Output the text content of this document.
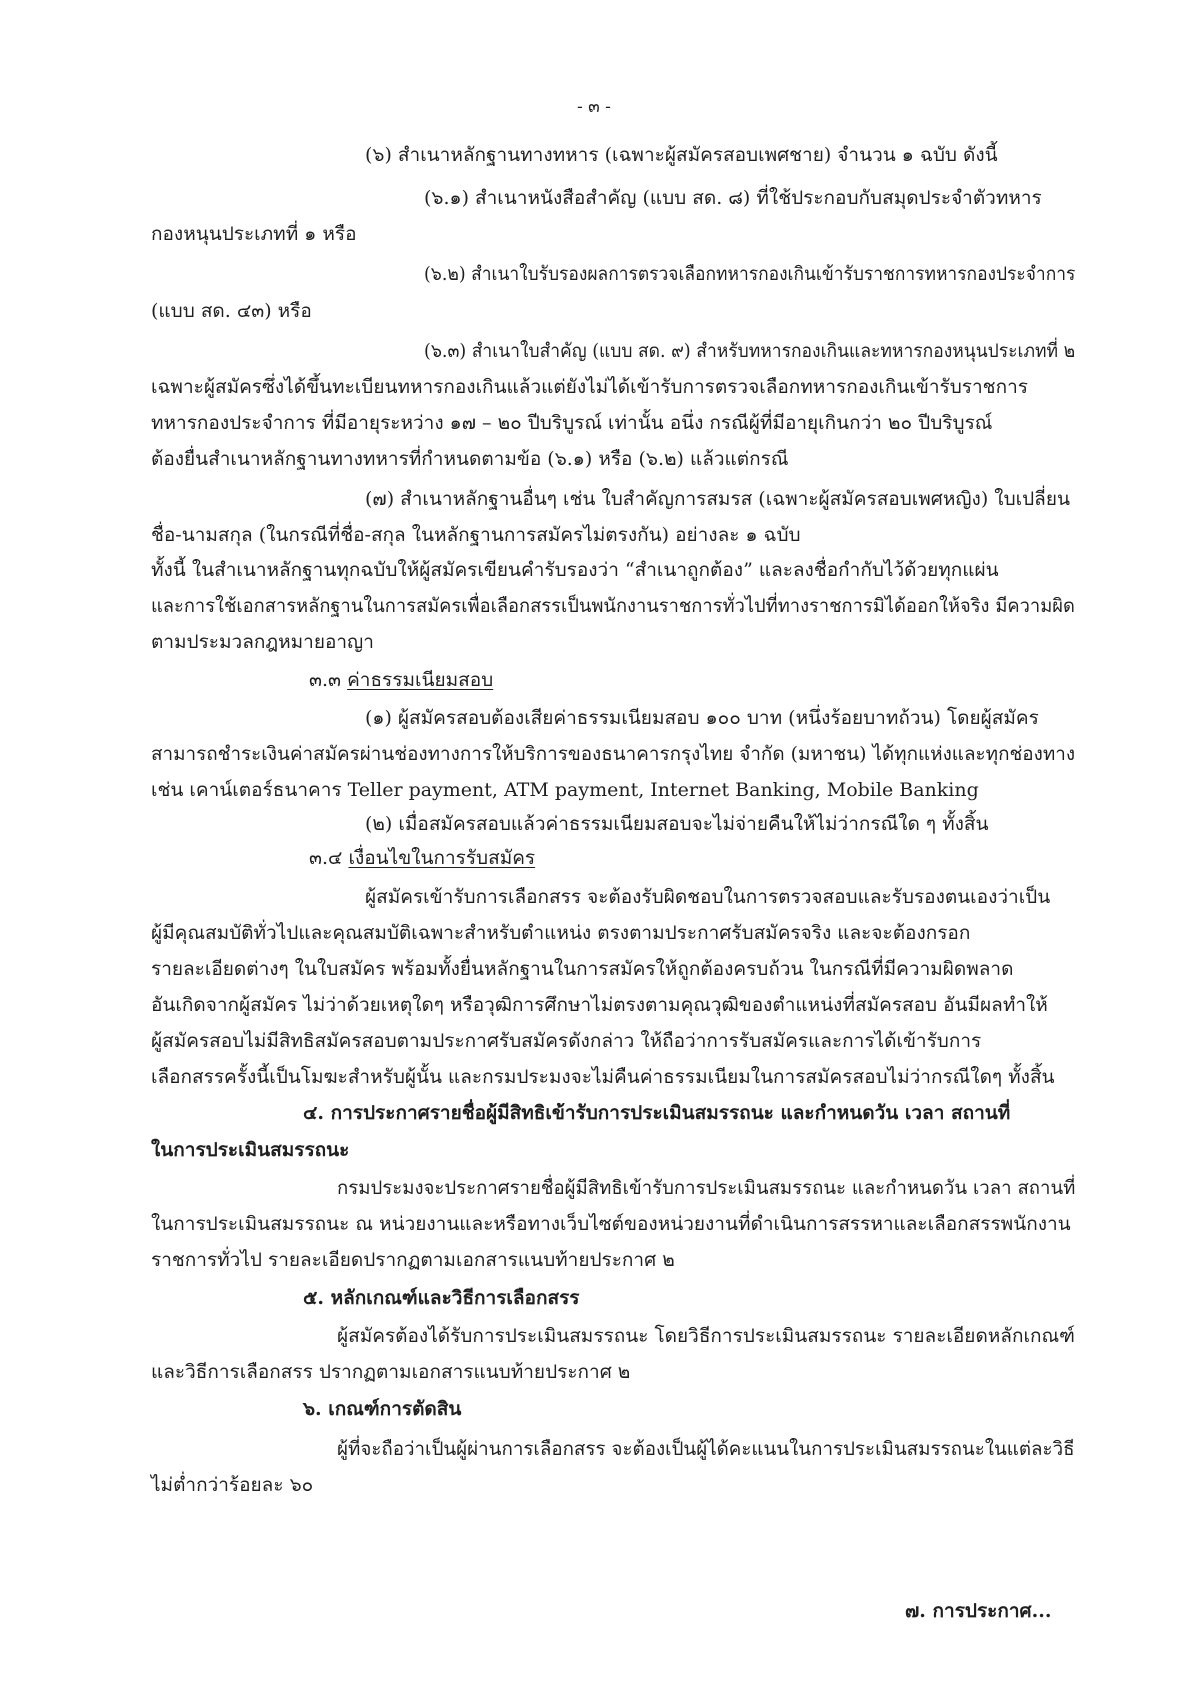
- ๓ -
(๖) สำเนาหลักฐานทางทหาร (เฉพาะผู้สมัครสอบเพศชาย) จำนวน ๑ ฉบับ ดังนี้
(๖.๑) สำเนาหนังสือสำคัญ (แบบ สด. ๘) ที่ใช้ประกอบกับสมุดประจำตัวทหาร
กองหนุนประเภทที่ ๑ หรือ
(๖.๒) สำเนาใบรับรองผลการตรวจเลือกทหารกองเกินเข้ารับราชการทหารกองประจำการ
(แบบ สด. ๔๓) หรือ
(๖.๓) สำเนาใบสำคัญ (แบบ สด. ๙) สำหรับทหารกองเกินและทหารกองหนุนประเภทที่ ๒
เฉพาะผู้สมัครซึ่งได้ขึ้นทะเบียนทหารกองเกินแล้วแต่ยังไม่ได้เข้ารับการตรวจเลือกทหารกองเกินเข้ารับราชการ
ทหารกองประจำการ ที่มีอายุระหว่าง ๑๗ – ๒๐ ปีบริบูรณ์ เท่านั้น อนึ่ง กรณีผู้ที่มีอายุเกินกว่า ๒๐ ปีบริบูรณ์
ต้องยื่นสำเนาหลักฐานทางทหารที่กำหนดตามข้อ (๖.๑) หรือ (๖.๒) แล้วแต่กรณี
(๗) สำเนาหลักฐานอื่นๆ เช่น ใบสำคัญการสมรส (เฉพาะผู้สมัครสอบเพศหญิง) ใบเปลี่ยน
ชื่อ-นามสกุล (ในกรณีที่ชื่อ-สกุล ในหลักฐานการสมัครไม่ตรงกัน) อย่างละ ๑ ฉบับ
ทั้งนี้ ในสำเนาหลักฐานทุกฉบับให้ผู้สมัครเขียนคำรับรองว่า “สำเนาถูกต้อง” และลงชื่อกำกับไว้ด้วยทุกแผ่น
และการใช้เอกสารหลักฐานในการสมัครเพื่อเลือกสรรเป็นพนักงานราชการทั่วไปที่ทางราชการมิได้ออกให้จริง มีความผิด
ตามประมวลกฎหมายอาญา
๓.๓ ค่าธรรมเนียมสอบ
(๑) ผู้สมัครสอบต้องเสียค่าธรรมเนียมสอบ ๑๐๐ บาท (หนึ่งร้อยบาทถ้วน) โดยผู้สมัคร
สามารถชำระเงินค่าสมัครผ่านช่องทางการให้บริการของธนาคารกรุงไทย จำกัด (มหาชน) ได้ทุกแห่งและทุกช่องทาง
เช่น เคาน์เตอร์ธนาคาร Teller payment, ATM payment, Internet Banking, Mobile Banking
(๒) เมื่อสมัครสอบแล้วค่าธรรมเนียมสอบจะไม่จ่ายคืนให้ไม่ว่ากรณีใด ๆ ทั้งสิ้น
๓.๔ เงื่อนไขในการรับสมัคร
ผู้สมัครเข้ารับการเลือกสรร จะต้องรับผิดชอบในการตรวจสอบและรับรองตนเองว่าเป็น
ผู้มีคุณสมบัติทั่วไปและคุณสมบัติเฉพาะสำหรับตำแหน่ง ตรงตามประกาศรับสมัครจริง และจะต้องกรอก
รายละเอียดต่างๆ ในใบสมัคร พร้อมทั้งยื่นหลักฐานในการสมัครให้ถูกต้องครบถ้วน ในกรณีที่มีความผิดพลาด
อันเกิดจากผู้สมัคร ไม่ว่าด้วยเหตุใดๆ หรือวุฒิการศึกษาไม่ตรงตามคุณวุฒิของตำแหน่งที่สมัครสอบ อันมีผลทำให้
ผู้สมัครสอบไม่มีสิทธิสมัครสอบตามประกาศรับสมัครดังกล่าว ให้ถือว่าการรับสมัครและการได้เข้ารับการ
เลือกสรรครั้งนี้เป็นโมฆะสำหรับผู้นั้น และกรมประมงจะไม่คืนค่าธรรมเนียมในการสมัครสอบไม่ว่ากรณีใดๆ ทั้งสิ้น
๔. การประกาศรายชื่อผู้มีสิทธิเข้ารับการประเมินสมรรถนะ และกำหนดวัน เวลา สถานที่
ในการประเมินสมรรถนะ
กรมประมงจะประกาศรายชื่อผู้มีสิทธิเข้ารับการประเมินสมรรถนะ และกำหนดวัน เวลา สถานที่
ในการประเมินสมรรถนะ ณ หน่วยงานและหรือทางเว็บไซต์ของหน่วยงานที่ดำเนินการสรรหาและเลือกสรรพนักงาน
ราชการทั่วไป รายละเอียดปรากฏตามเอกสารแนบท้ายประกาศ ๒
๕. หลักเกณฑ์และวิธีการเลือกสรร
ผู้สมัครต้องได้รับการประเมินสมรรถนะ โดยวิธีการประเมินสมรรถนะ รายละเอียดหลักเกณฑ์
และวิธีการเลือกสรร ปรากฏตามเอกสารแนบท้ายประกาศ ๒
๖. เกณฑ์การตัดสิน
ผู้ที่จะถือว่าเป็นผู้ผ่านการเลือกสรร จะต้องเป็นผู้ได้คะแนนในการประเมินสมรรถนะในแต่ละวิธี
ไม่ต่ำกว่าร้อยละ ๖๐
๗. การประกาศ...
